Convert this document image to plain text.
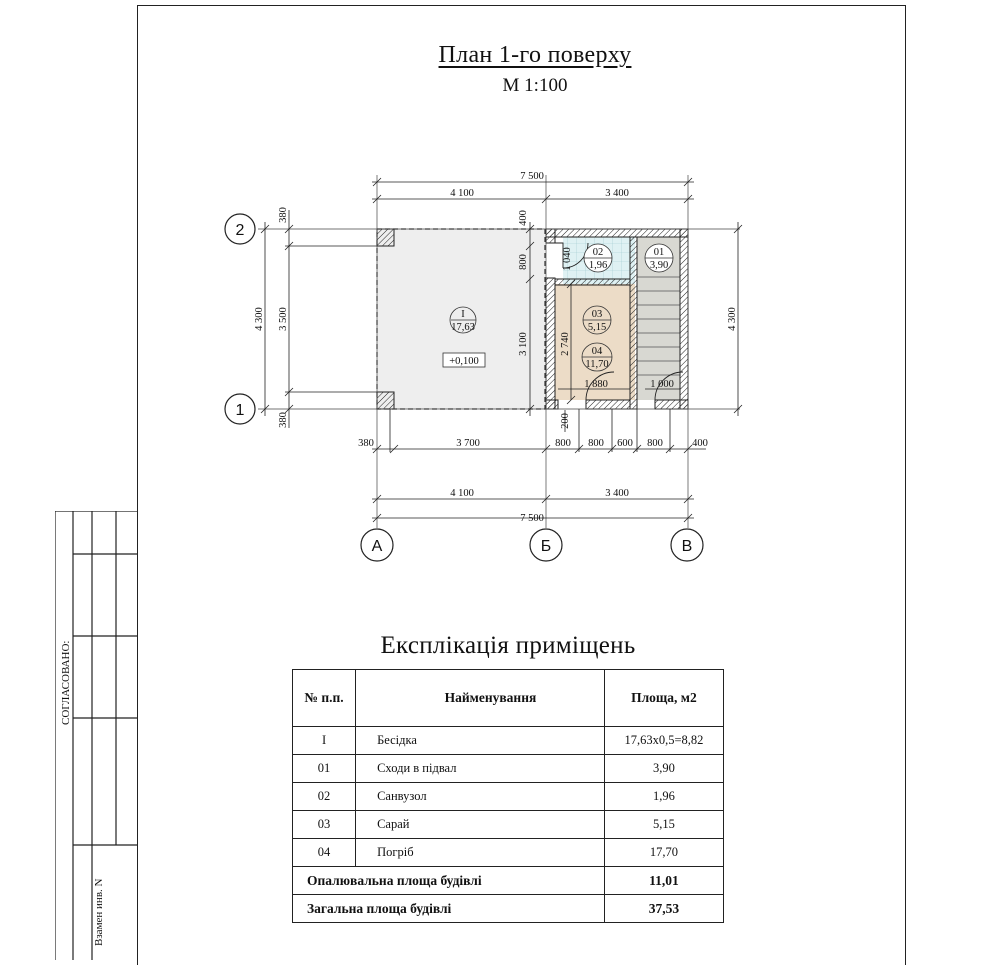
План 1-го поверху
М 1:100
I
17,63
+0,100
02
1,96
01
3,90
03
5,15
04
11,70
7 500
4 100	3 400
380	3 700	800 800 600 800	400
4 100	3 400
7 500
4 300 3 500
380
380
4 300
400
800
3 100
200
1 040
2 740
1 880	1 000
2
1
А	Б	В
Експлікація приміщень
№ п.п.	Найменування	Площа, м2
I	Бесідка	17,63х0,5=8,82
01	Сходи в підвал	3,90
02	Санвузол	1,96
03	Сарай	5,15
04	Погріб	17,70
Опалювальна площа будівлі		11,01
Загальна площа будівлі		37,53
СОГЛАСОВАНО:
Взамен инв. N
